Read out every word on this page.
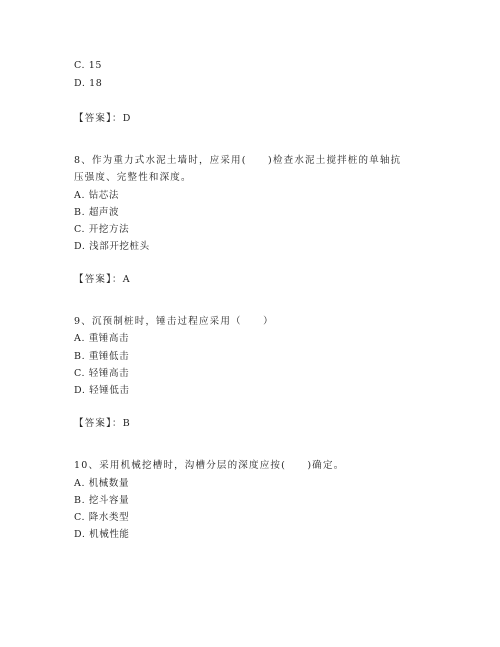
C. 15
D. 18
【答案】：D
8、作为重力式水泥土墙时，应采用(　　)检查水泥土搅拌桩的单轴抗
压强度、完整性和深度。
A. 钻芯法
B. 超声波
C. 开挖方法
D. 浅部开挖桩头
【答案】：A
9、沉预制桩时，锤击过程应采用（　　）
A. 重锤高击
B. 重锤低击
C. 轻锤高击
D. 轻锤低击
【答案】：B
10、采用机械挖槽时，沟槽分层的深度应按(　　)确定。
A. 机械数量
B. 挖斗容量
C. 降水类型
D. 机械性能
